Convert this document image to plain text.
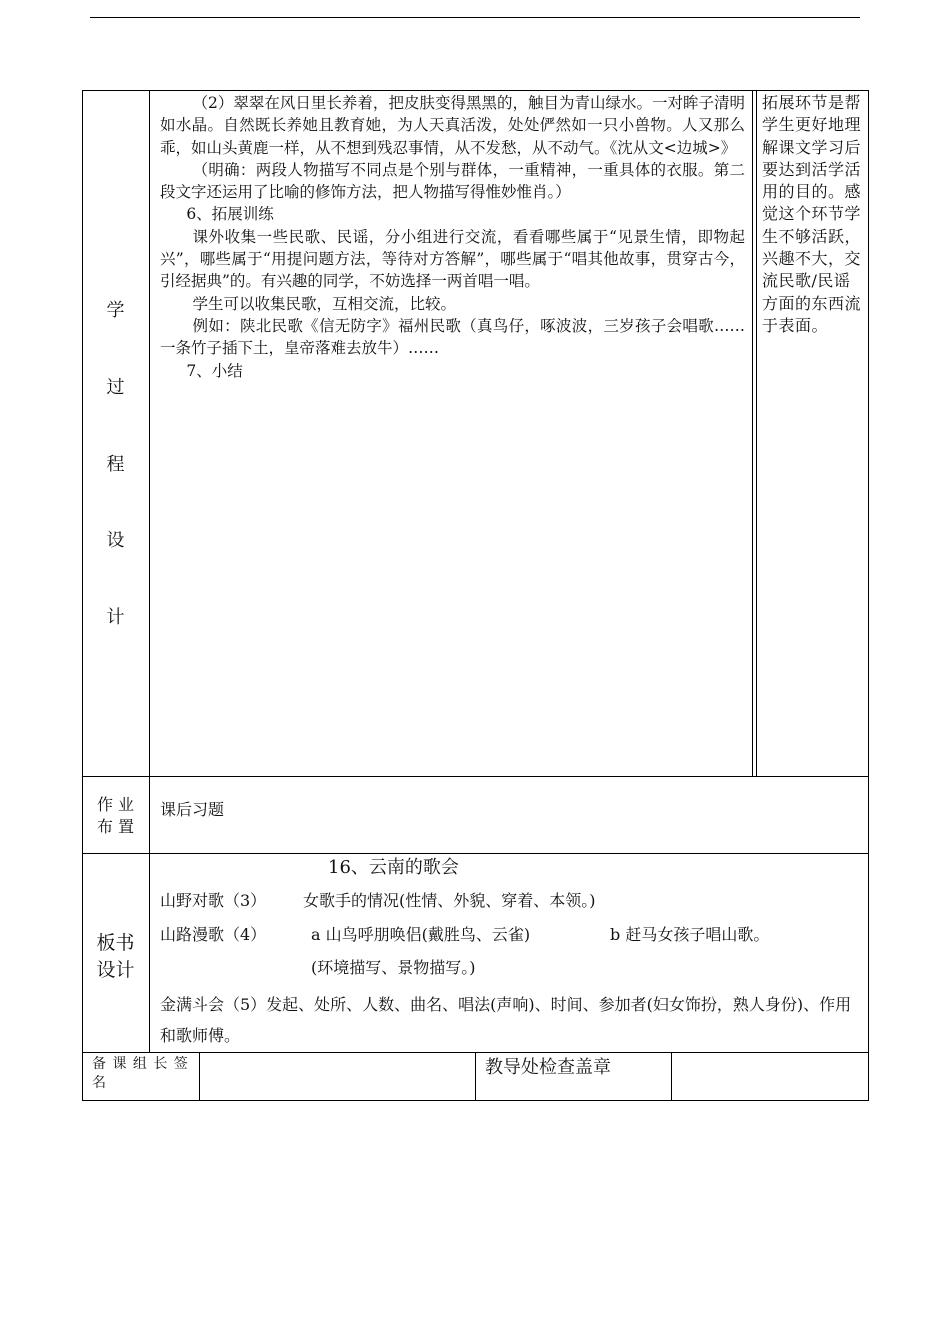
学
过
程
设
计

（2）翠翠在风日里长养着，把皮肤变得黑黑的，触目为青山绿水。一对眸子清明如水晶。自然既长养她且教育她，为人天真活泼，处处俨然如一只小兽物。人又那么乖，如山头黄鹿一样，从不想到残忍事情，从不发愁，从不动气。《沈从文<边城>》

（明确：两段人物描写不同点是个别与群体，一重精神，一重具体的衣服。第二段文字还运用了比喻的修饰方法，把人物描写得惟妙惟肖。）

6、拓展训练

课外收集一些民歌、民谣，分小组进行交流，看看哪些属于“见景生情，即物起兴”，哪些属于“用提问题方法，等待对方答解”，哪些属于“唱其他故事，贯穿古今，引经据典”的。有兴趣的同学，不妨选择一两首唱一唱。

学生可以收集民歌，互相交流，比较。

例如：陕北民歌《信无防字》福州民歌（真鸟仔，啄波波，三岁孩子会唱歌……一条竹子插下土，皇帝落难去放牛）……

7、小结

拓展环节是帮学生更好地理解课文学习后要达到活学活用的目的。感觉这个环节学生不够活跃，兴趣不大，交流民歌/民谣方面的东西流于表面。
作 业
布 置
课后习题
板书
设计
16、云南的歌会
山野对歌（3） 女歌手的情况(性情、外貌、穿着、本领。)
山路漫歌（4）	a 山鸟呼朋唤侣(戴胜鸟、云雀)	b 赶马女孩子唱山歌。
(环境描写、景物描写。)
金满斗会（5）发起、处所、人数、曲名、唱法(声响)、时间、参加者(妇女饰扮，熟人身份)、作用和歌师傅。
备 课 组 长 签 名
教导处检查盖章
